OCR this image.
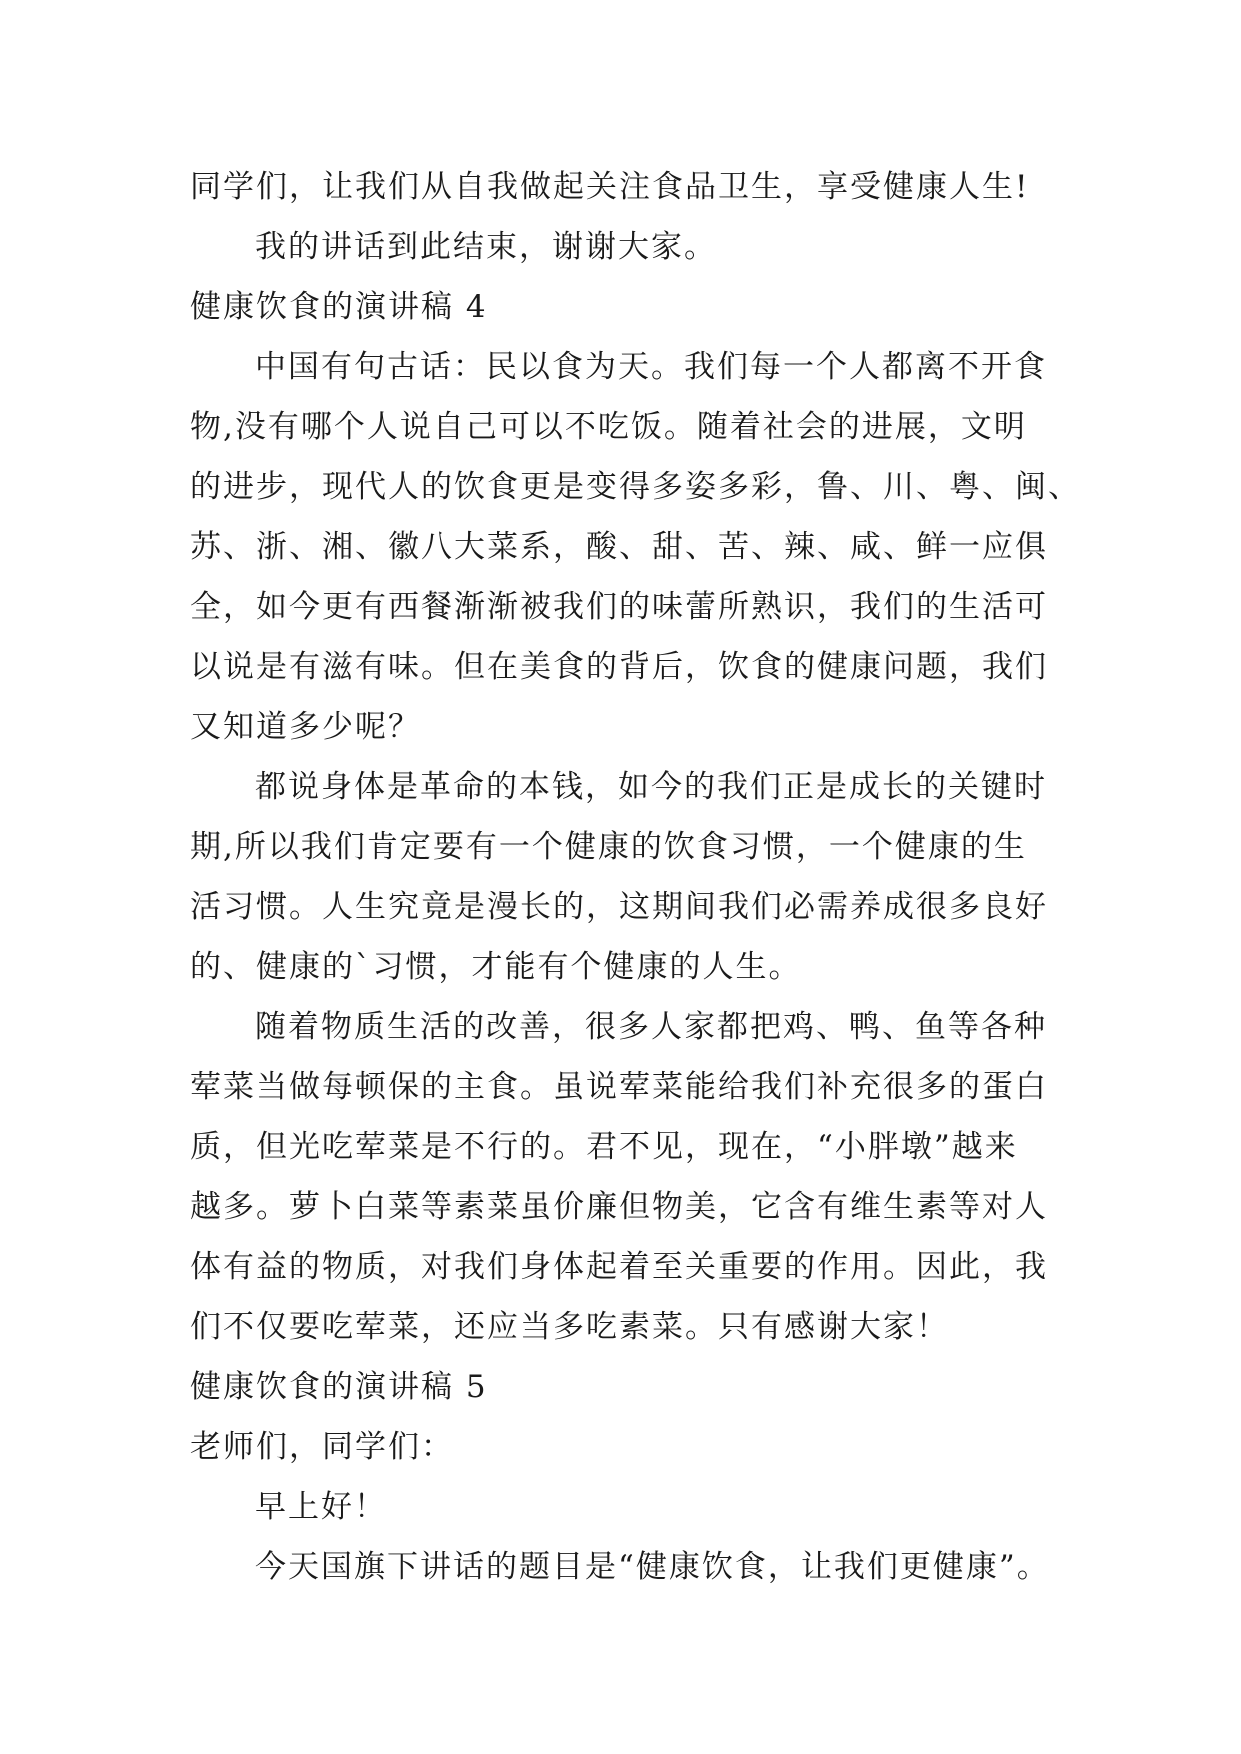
同学们，让我们从自我做起关注食品卫生，享受健康人生!
我的讲话到此结束，谢谢大家。
健康饮食的演讲稿 4
中国有句古话：民以食为天。我们每一个人都离不开食
物,没有哪个人说自己可以不吃饭。随着社会的进展，文明
的进步，现代人的饮食更是变得多姿多彩，鲁、川、粤、闽、
苏、浙、湘、徽八大菜系，酸、甜、苦、辣、咸、鲜一应俱
全，如今更有西餐渐渐被我们的味蕾所熟识，我们的生活可
以说是有滋有味。但在美食的背后，饮食的健康问题，我们
又知道多少呢？
都说身体是革命的本钱，如今的我们正是成长的关键时
期,所以我们肯定要有一个健康的饮食习惯，一个健康的生
活习惯。人生究竟是漫长的，这期间我们必需养成很多良好
的、健康的`习惯，才能有个健康的人生。
随着物质生活的改善，很多人家都把鸡、鸭、鱼等各种
荤菜当做每顿保的主食。虽说荤菜能给我们补充很多的蛋白
质，但光吃荤菜是不行的。君不见，现在，“小胖墩”越来
越多。萝卜白菜等素菜虽价廉但物美，它含有维生素等对人
体有益的物质，对我们身体起着至关重要的作用。因此，我
们不仅要吃荤菜，还应当多吃素菜。只有感谢大家！
健康饮食的演讲稿 5
老师们，同学们：
早上好！
今天国旗下讲话的题目是“健康饮食，让我们更健康”。
